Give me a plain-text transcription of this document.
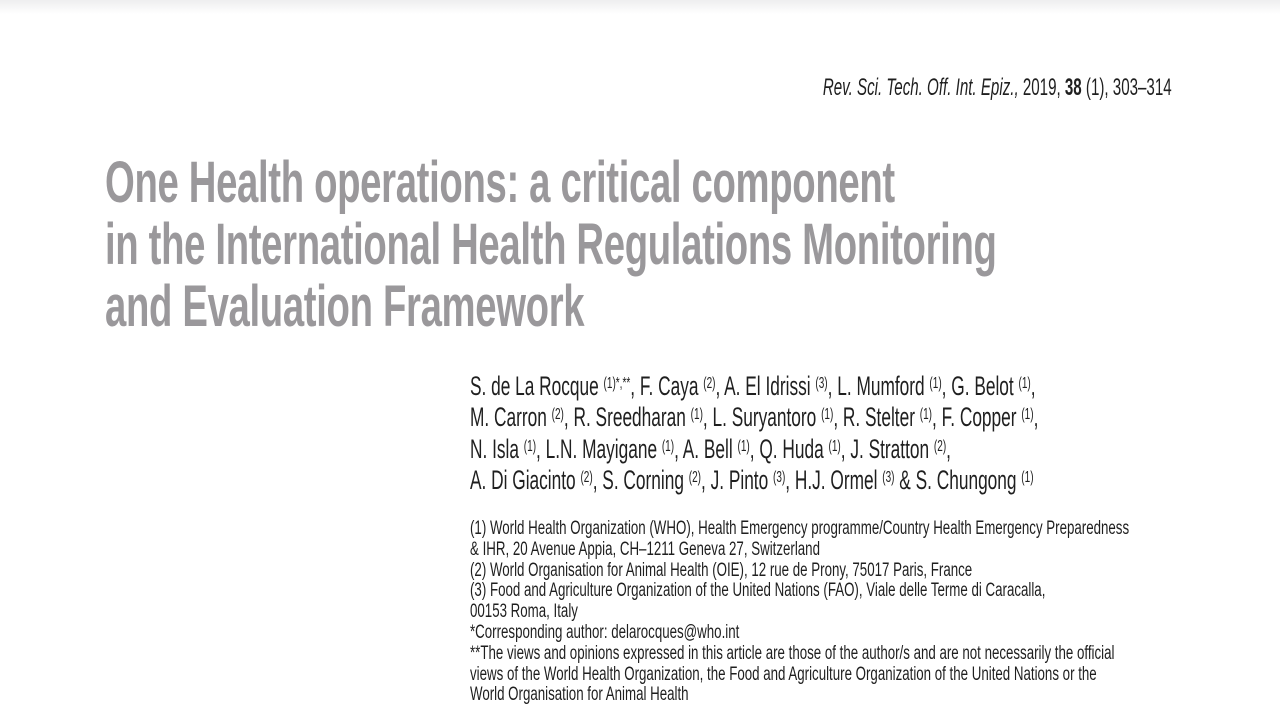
Rev. Sci. Tech. Off. Int. Epiz., 2019, 38 (1), 303–314
One Health operations: a critical component
in the International Health Regulations Monitoring
and Evaluation Framework
S. de La Rocque $^{(1)*,**}$, F. Caya $^{(2)}$, A. El Idrissi $^{(3)}$, L. Mumford $^{(1)}$, G. Belot $^{(1)}$,
M. Carron $^{(2)}$, R. Sreedharan $^{(1)}$, L. Suryantoro $^{(1)}$, R. Stelter $^{(1)}$, F. Copper $^{(1)}$,
N. Isla $^{(1)}$, L.N. Mayigane $^{(1)}$, A. Bell $^{(1)}$, Q. Huda $^{(1)}$, J. Stratton $^{(2)}$,
A. Di Giacinto $^{(2)}$, S. Corning $^{(2)}$, J. Pinto $^{(3)}$, H.J. Ormel $^{(3)}$ & S. Chungong $^{(1)}$
(1) World Health Organization (WHO), Health Emergency programme/Country Health Emergency Preparedness
& IHR, 20 Avenue Appia, CH–1211 Geneva 27, Switzerland
(2) World Organisation for Animal Health (OIE), 12 rue de Prony, 75017 Paris, France
(3) Food and Agriculture Organization of the United Nations (FAO), Viale delle Terme di Caracalla,
00153 Roma, Italy
*Corresponding author: delarocques@who.int
**The views and opinions expressed in this article are those of the author/s and are not necessarily the official
views of the World Health Organization, the Food and Agriculture Organization of the United Nations or the
World Organisation for Animal Health
